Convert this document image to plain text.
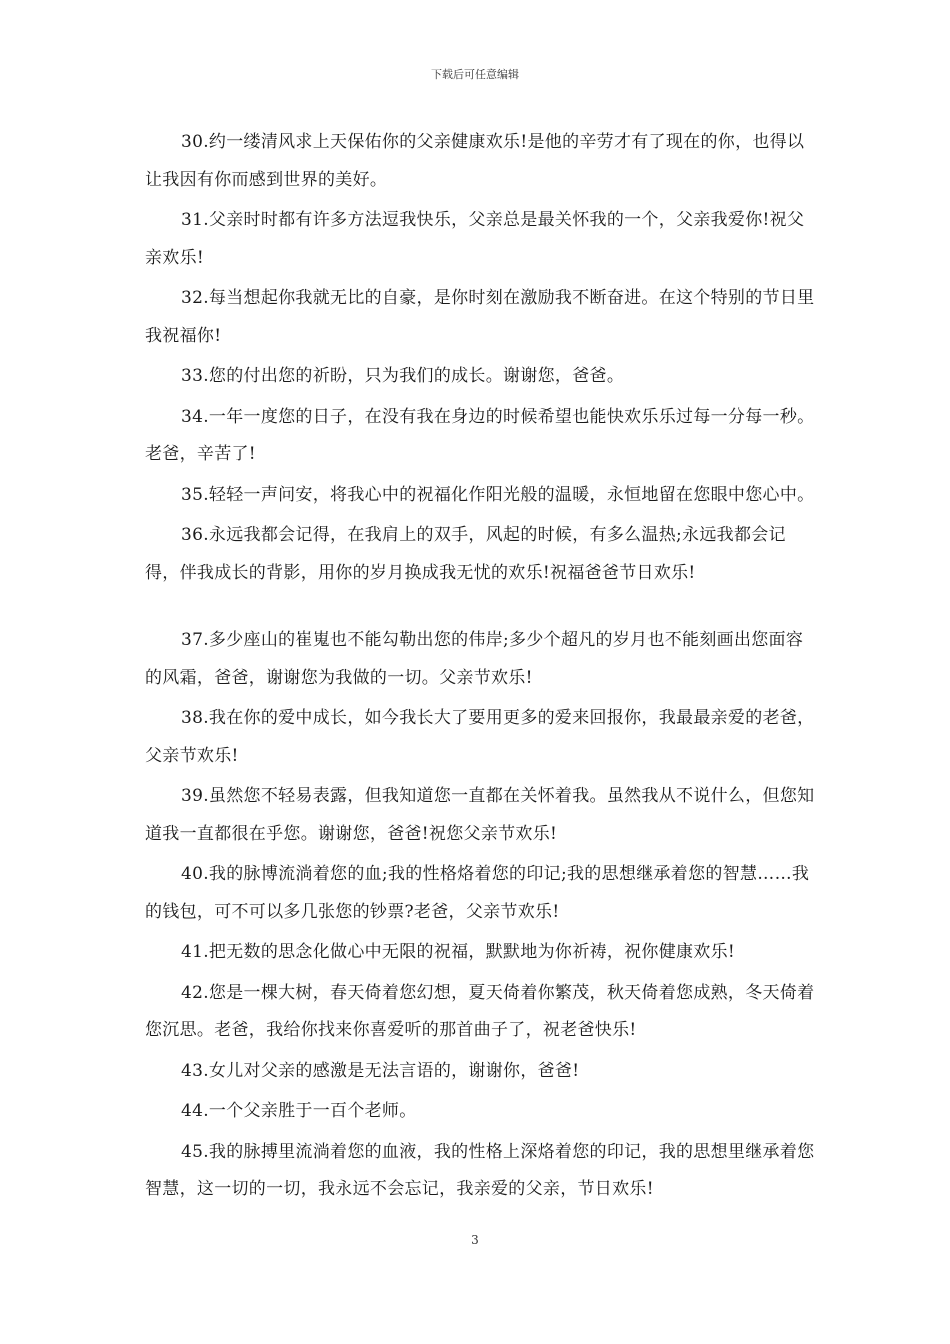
下载后可任意编辑

30.约一缕清风求上天保佑你的父亲健康欢乐!是他的辛劳才有了现在的你，也得以让我因有你而感到世界的美好。

31.父亲时时都有许多方法逗我快乐，父亲总是最关怀我的一个，父亲我爱你!祝父亲欢乐!

32.每当想起你我就无比的自豪，是你时刻在激励我不断奋进。在这个特别的节日里我祝福你!

33.您的付出您的祈盼，只为我们的成长。谢谢您，爸爸。

34.一年一度您的日子，在没有我在身边的时候希望也能快欢乐乐过每一分每一秒。老爸，辛苦了!

35.轻轻一声问安，将我心中的祝福化作阳光般的温暖，永恒地留在您眼中您心中。

36.永远我都会记得，在我肩上的双手，风起的时候，有多么温热;永远我都会记得，伴我成长的背影，用你的岁月换成我无忧的欢乐!祝福爸爸节日欢乐!

37.多少座山的崔嵬也不能勾勒出您的伟岸;多少个超凡的岁月也不能刻画出您面容的风霜，爸爸，谢谢您为我做的一切。父亲节欢乐!

38.我在你的爱中成长，如今我长大了要用更多的爱来回报你，我最最亲爱的老爸，父亲节欢乐!

39.虽然您不轻易表露，但我知道您一直都在关怀着我。虽然我从不说什么，但您知道我一直都很在乎您。谢谢您，爸爸!祝您父亲节欢乐!

40.我的脉博流淌着您的血;我的性格烙着您的印记;我的思想继承着您的智慧……我的钱包，可不可以多几张您的钞票?老爸，父亲节欢乐!

41.把无数的思念化做心中无限的祝福，默默地为你祈祷，祝你健康欢乐!

42.您是一棵大树，春天倚着您幻想，夏天倚着你繁茂，秋天倚着您成熟，冬天倚着您沉思。老爸，我给你找来你喜爱听的那首曲子了，祝老爸快乐!

43.女儿对父亲的感激是无法言语的，谢谢你，爸爸!

44.一个父亲胜于一百个老师。

45.我的脉搏里流淌着您的血液，我的性格上深烙着您的印记，我的思想里继承着您智慧，这一切的一切，我永远不会忘记，我亲爱的父亲，节日欢乐!

3
